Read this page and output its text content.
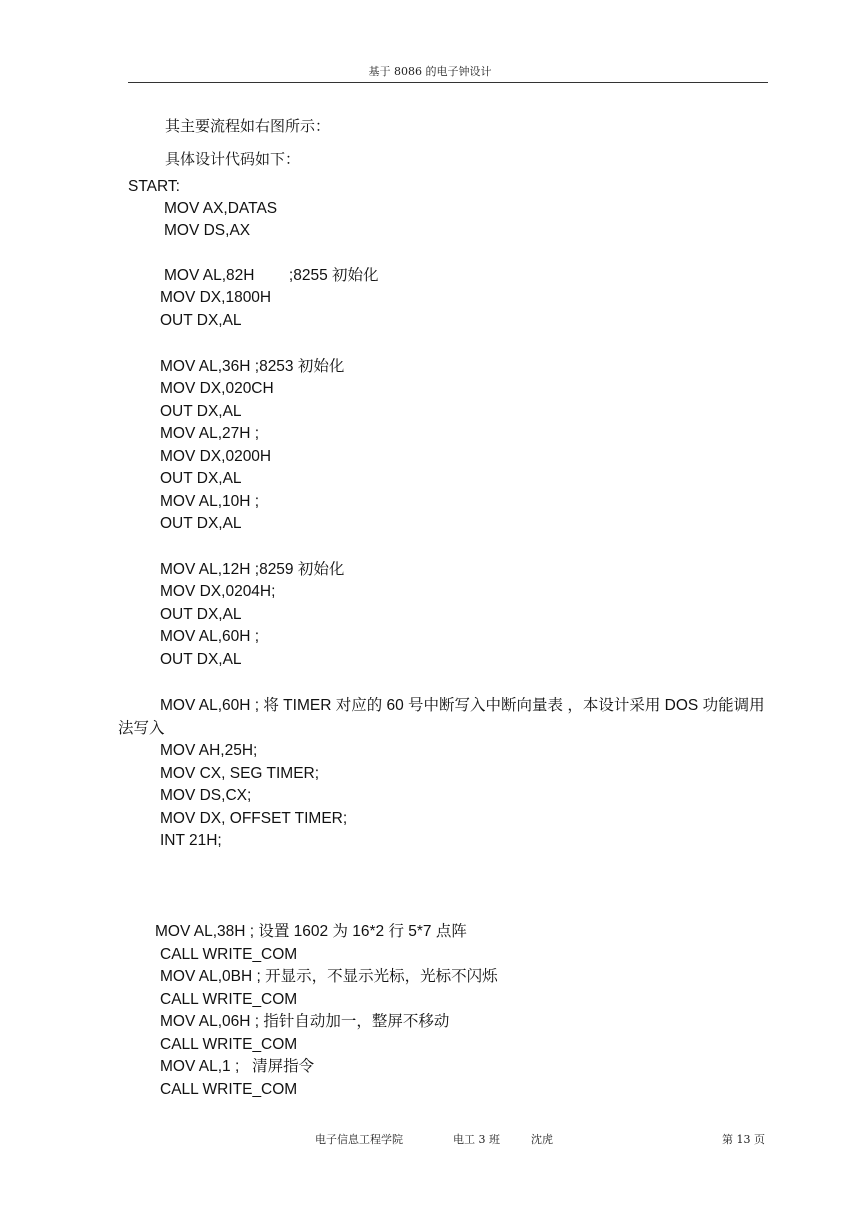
基于 8086 的电子钟设计
其主要流程如右图所示：
具体设计代码如下：
START:
MOV AX,DATAS
MOV DS,AX
MOV AL,82H        ;8255 初始化
MOV DX,1800H
OUT DX,AL
MOV AL,36H ;8253 初始化
MOV DX,020CH
OUT DX,AL
MOV AL,27H ;
MOV DX,0200H
OUT DX,AL
MOV AL,10H ;
OUT DX,AL
MOV AL,12H ;8259 初始化
MOV DX,0204H;
OUT DX,AL
MOV AL,60H ;
OUT DX,AL
MOV AL,60H ; 将 TIMER 对应的 60 号中断写入中断向量表 ，本设计采用 DOS 功能调用
法写入
MOV AH,25H;
MOV CX, SEG TIMER;
MOV DS,CX;
MOV DX, OFFSET TIMER;
INT 21H;
MOV AL,38H ; 设置 1602 为 16*2 行 5*7 点阵
CALL WRITE_COM
MOV AL,0BH ; 开显示，不显示光标，光标不闪烁
CALL WRITE_COM
MOV AL,06H ; 指针自动加一，整屏不移动
CALL WRITE_COM
MOV AL,1 ;   清屏指令
CALL WRITE_COM
电子信息工程学院	电工 3 班	沈虎	第 13 页
